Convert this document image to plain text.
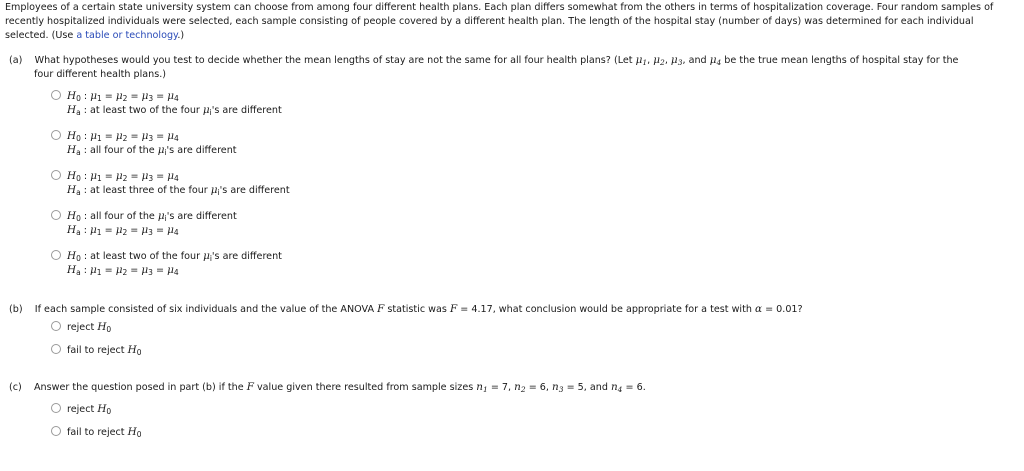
Employees of a certain state university system can choose from among four different health plans. Each plan differs somewhat from the others in terms of hospitalization coverage. Four random samples of recently hospitalized individuals were selected, each sample consisting of people covered by a different health plan. The length of the hospital stay (number of days) was determined for each individual selected. (Use a table or technology.)
(a) What hypotheses would you test to decide whether the mean lengths of stay are not the same for all four health plans? (Let $\mu_1$, $\mu_2$, $\mu_3$, and $\mu_4$ be the true mean lengths of hospital stay for the
four different health plans.)
$H_0$ : $\mu_1 = \mu_2 = \mu_3 = \mu_4$
$H_a$ : at least two of the four $\mu_i's$ are different
$H_0$ : $\mu_1 = \mu_2 = \mu_3 = \mu_4$
$H_a$ : all four of the $\mu_i's$ are different
$H_0$ : $\mu_1 = \mu_2 = \mu_3 = \mu_4$
$H_a$ : at least three of the four $\mu_i's$ are different
$H_0$ : all four of the $\mu_i's$ are different
$H_a$ : $\mu_1 = \mu_2 = \mu_3 = \mu_4$
$H_0$ : at least two of the four $\mu_i's$ are different
$H_a$ : $\mu_1 = \mu_2 = \mu_3 = \mu_4$
(b) If each sample consisted of six individuals and the value of the ANOVA F statistic was F = 4.17, what conclusion would be appropriate for a test with α = 0.01?
reject $H_0$
fail to reject $H_0$
(c) Answer the question posed in part (b) if the F value given there resulted from sample sizes $n_1 = 7$, $n_2 = 6$, $n_3 = 5$, and $n_4 = 6$.
reject $H_0$
fail to reject $H_0$
